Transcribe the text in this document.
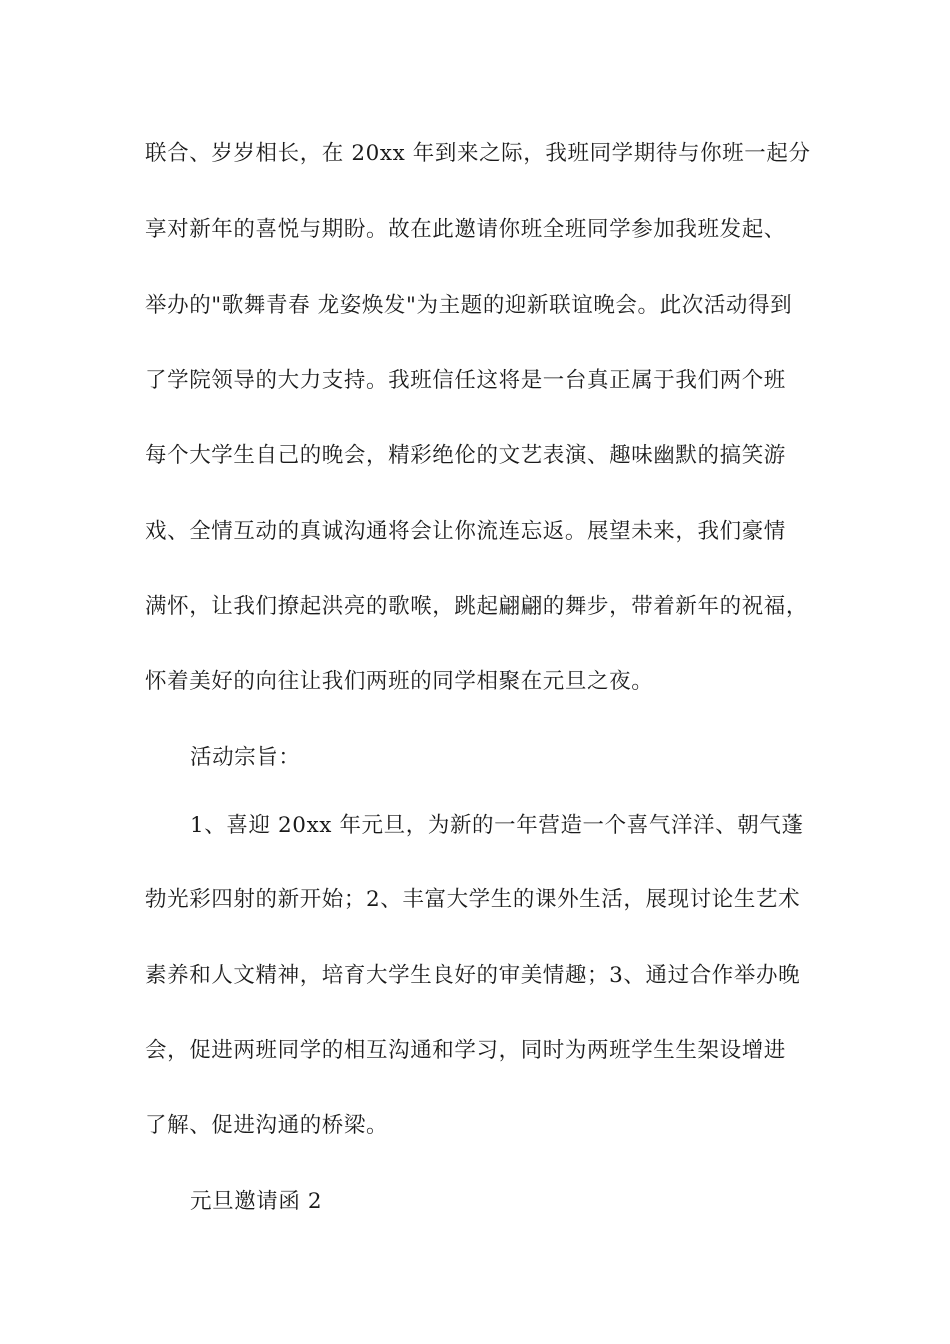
联合、岁岁相长，在 20xx 年到来之际，我班同学期待与你班一起分
享对新年的喜悦与期盼。故在此邀请你班全班同学参加我班发起、
举办的"歌舞青春 龙姿焕发"为主题的迎新联谊晚会。此次活动得到
了学院领导的大力支持。我班信任这将是一台真正属于我们两个班
每个大学生自己的晚会，精彩绝伦的文艺表演、趣味幽默的搞笑游
戏、全情互动的真诚沟通将会让你流连忘返。展望未来，我们豪情
满怀，让我们撩起洪亮的歌喉，跳起翩翩的舞步，带着新年的祝福，
怀着美好的向往让我们两班的同学相聚在元旦之夜。
活动宗旨：
1、喜迎 20xx 年元旦，为新的一年营造一个喜气洋洋、朝气蓬
勃光彩四射的新开始；2、丰富大学生的课外生活，展现讨论生艺术
素养和人文精神，培育大学生良好的审美情趣；3、通过合作举办晚
会，促进两班同学的相互沟通和学习，同时为两班学生生架设增进
了解、促进沟通的桥梁。
元旦邀请函 2
